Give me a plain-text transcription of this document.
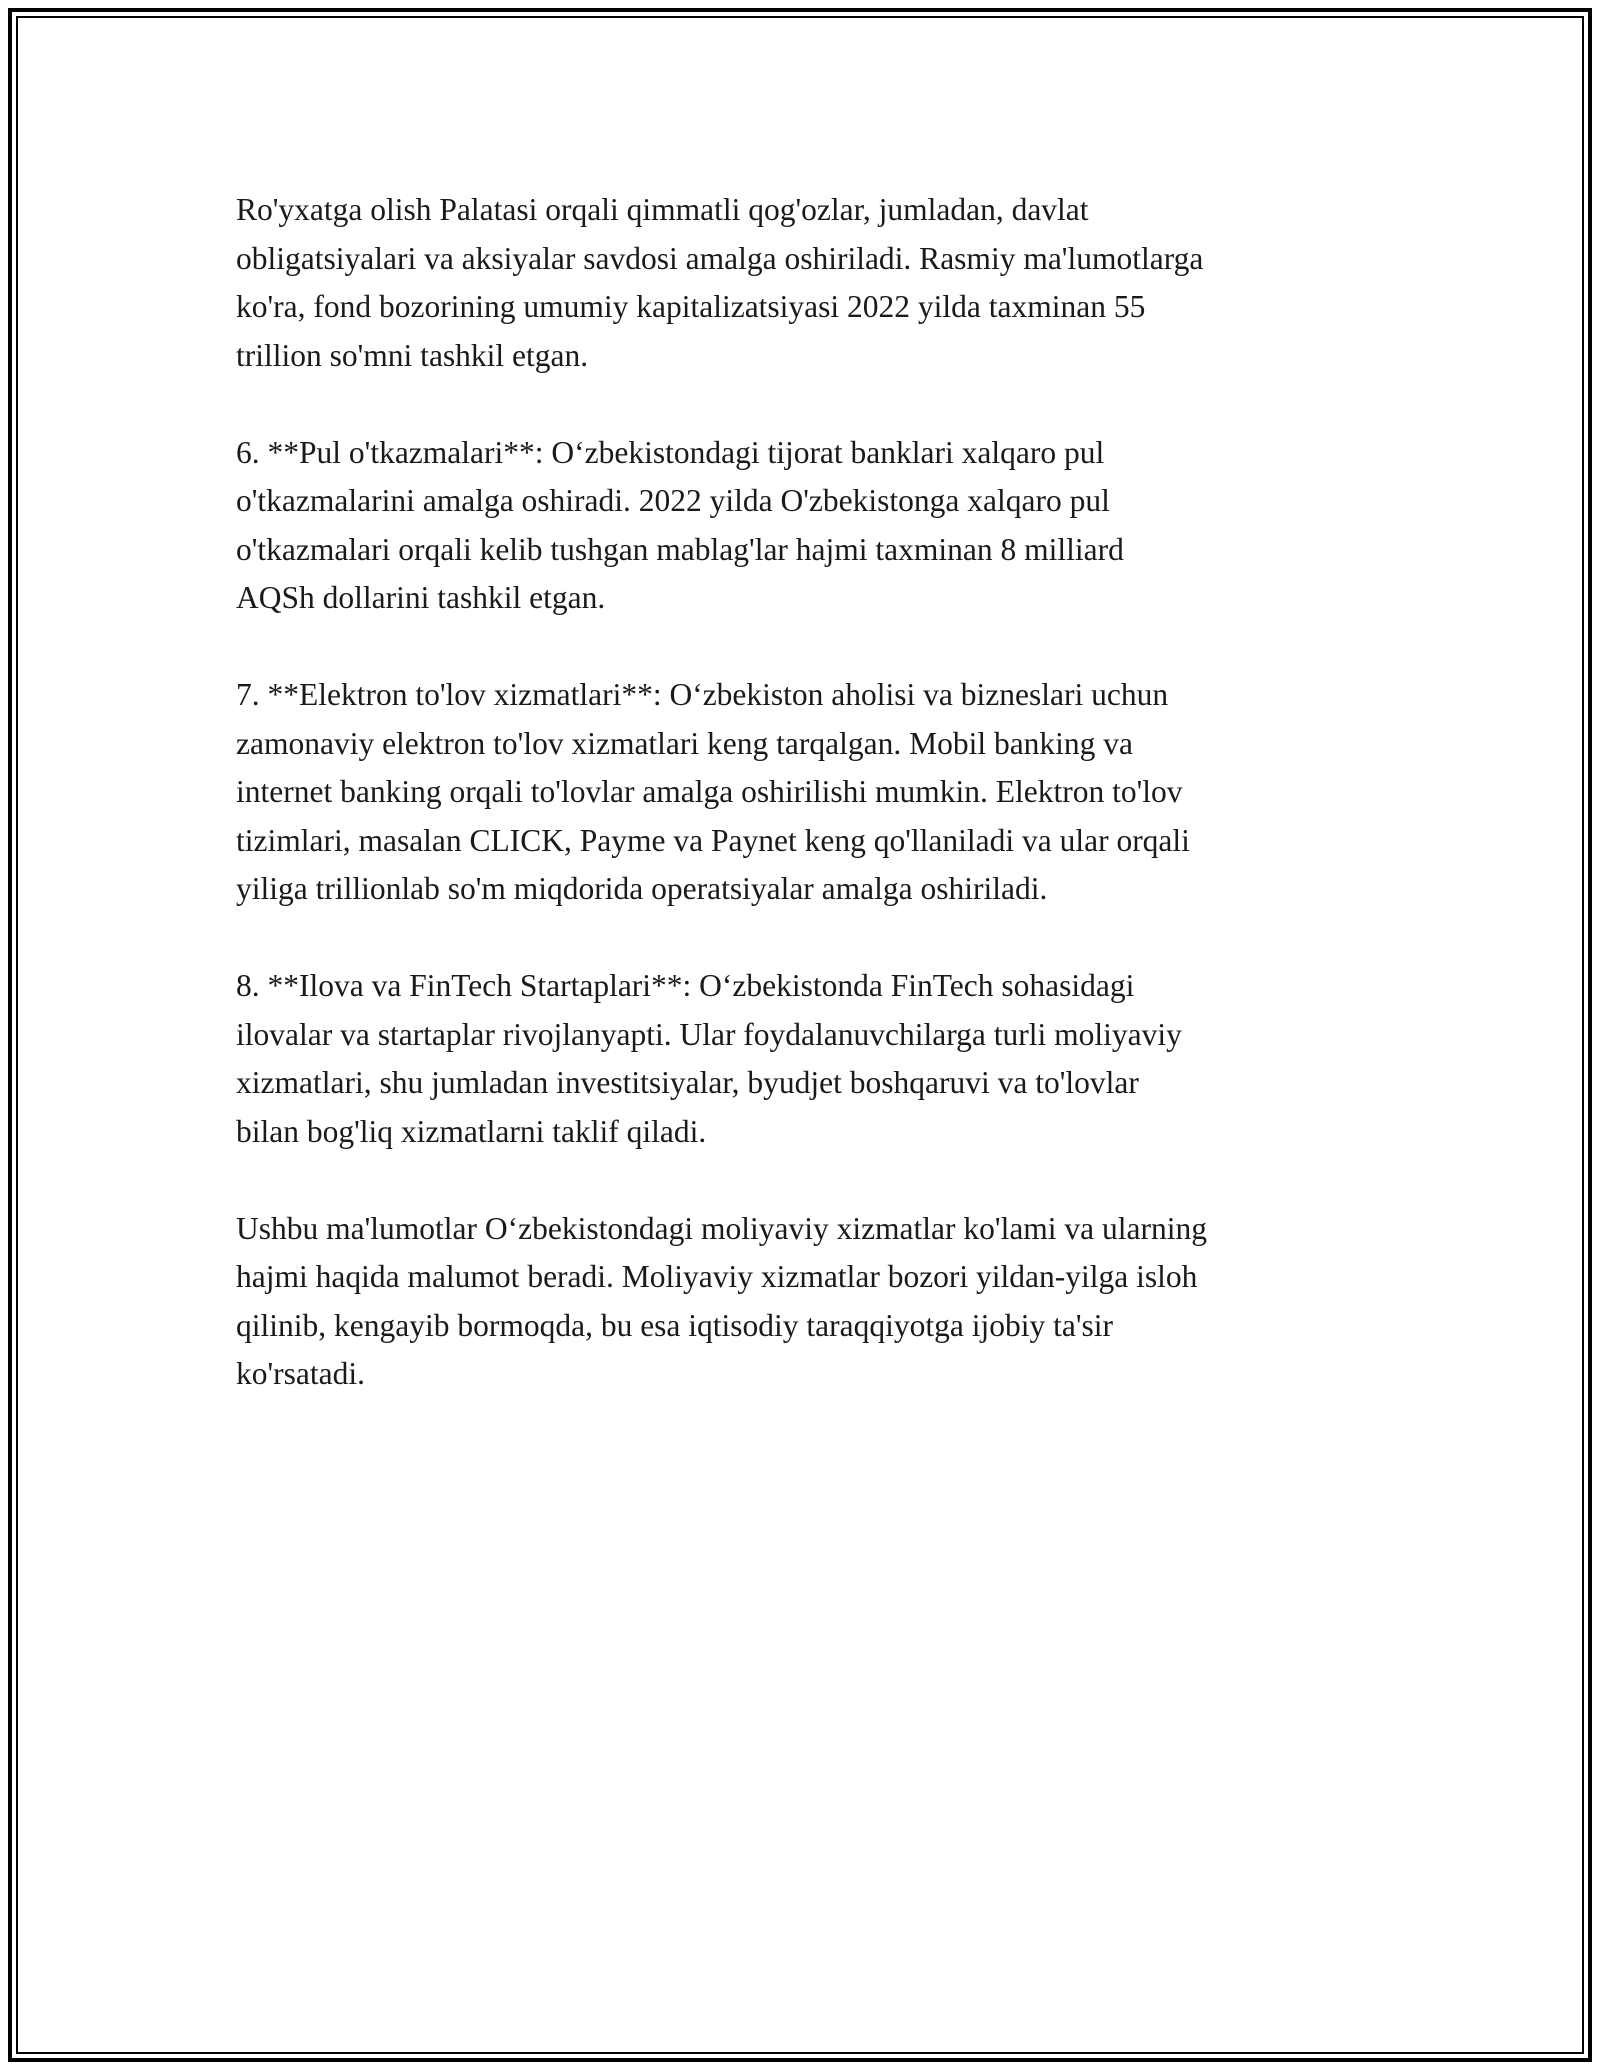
Ro'yxatga olish Palatasi orqali qimmatli qog'ozlar, jumladan, davlat
obligatsiyalari va aksiyalar savdosi amalga oshiriladi. Rasmiy ma'lumotlarga
ko'ra, fond bozorining umumiy kapitalizatsiyasi 2022 yilda taxminan 55
trillion so'mni tashkil etgan.

6. **Pul o'tkazmalari**: O‘zbekistondagi tijorat banklari xalqaro pul
o'tkazmalarini amalga oshiradi. 2022 yilda O'zbekistonga xalqaro pul
o'tkazmalari orqali kelib tushgan mablag'lar hajmi taxminan 8 milliard
AQSh dollarini tashkil etgan.

7. **Elektron to'lov xizmatlari**: O‘zbekiston aholisi va bizneslari uchun
zamonaviy elektron to'lov xizmatlari keng tarqalgan. Mobil banking va
internet banking orqali to'lovlar amalga oshirilishi mumkin. Elektron to'lov
tizimlari, masalan CLICK, Payme va Paynet keng qo'llaniladi va ular orqali
yiliga trillionlab so'm miqdorida operatsiyalar amalga oshiriladi.

8. **Ilova va FinTech Startaplari**: O‘zbekistonda FinTech sohasidagi
ilovalar va startaplar rivojlanyapti. Ular foydalanuvchilarga turli moliyaviy
xizmatlari, shu jumladan investitsiyalar, byudjet boshqaruvi va to'lovlar
bilan bog'liq xizmatlarni taklif qiladi.

Ushbu ma'lumotlar O‘zbekistondagi moliyaviy xizmatlar ko'lami va ularning
hajmi haqida malumot beradi. Moliyaviy xizmatlar bozori yildan-yilga isloh
qilinib, kengayib bormoqda, bu esa iqtisodiy taraqqiyotga ijobiy ta'sir
ko'rsatadi.
